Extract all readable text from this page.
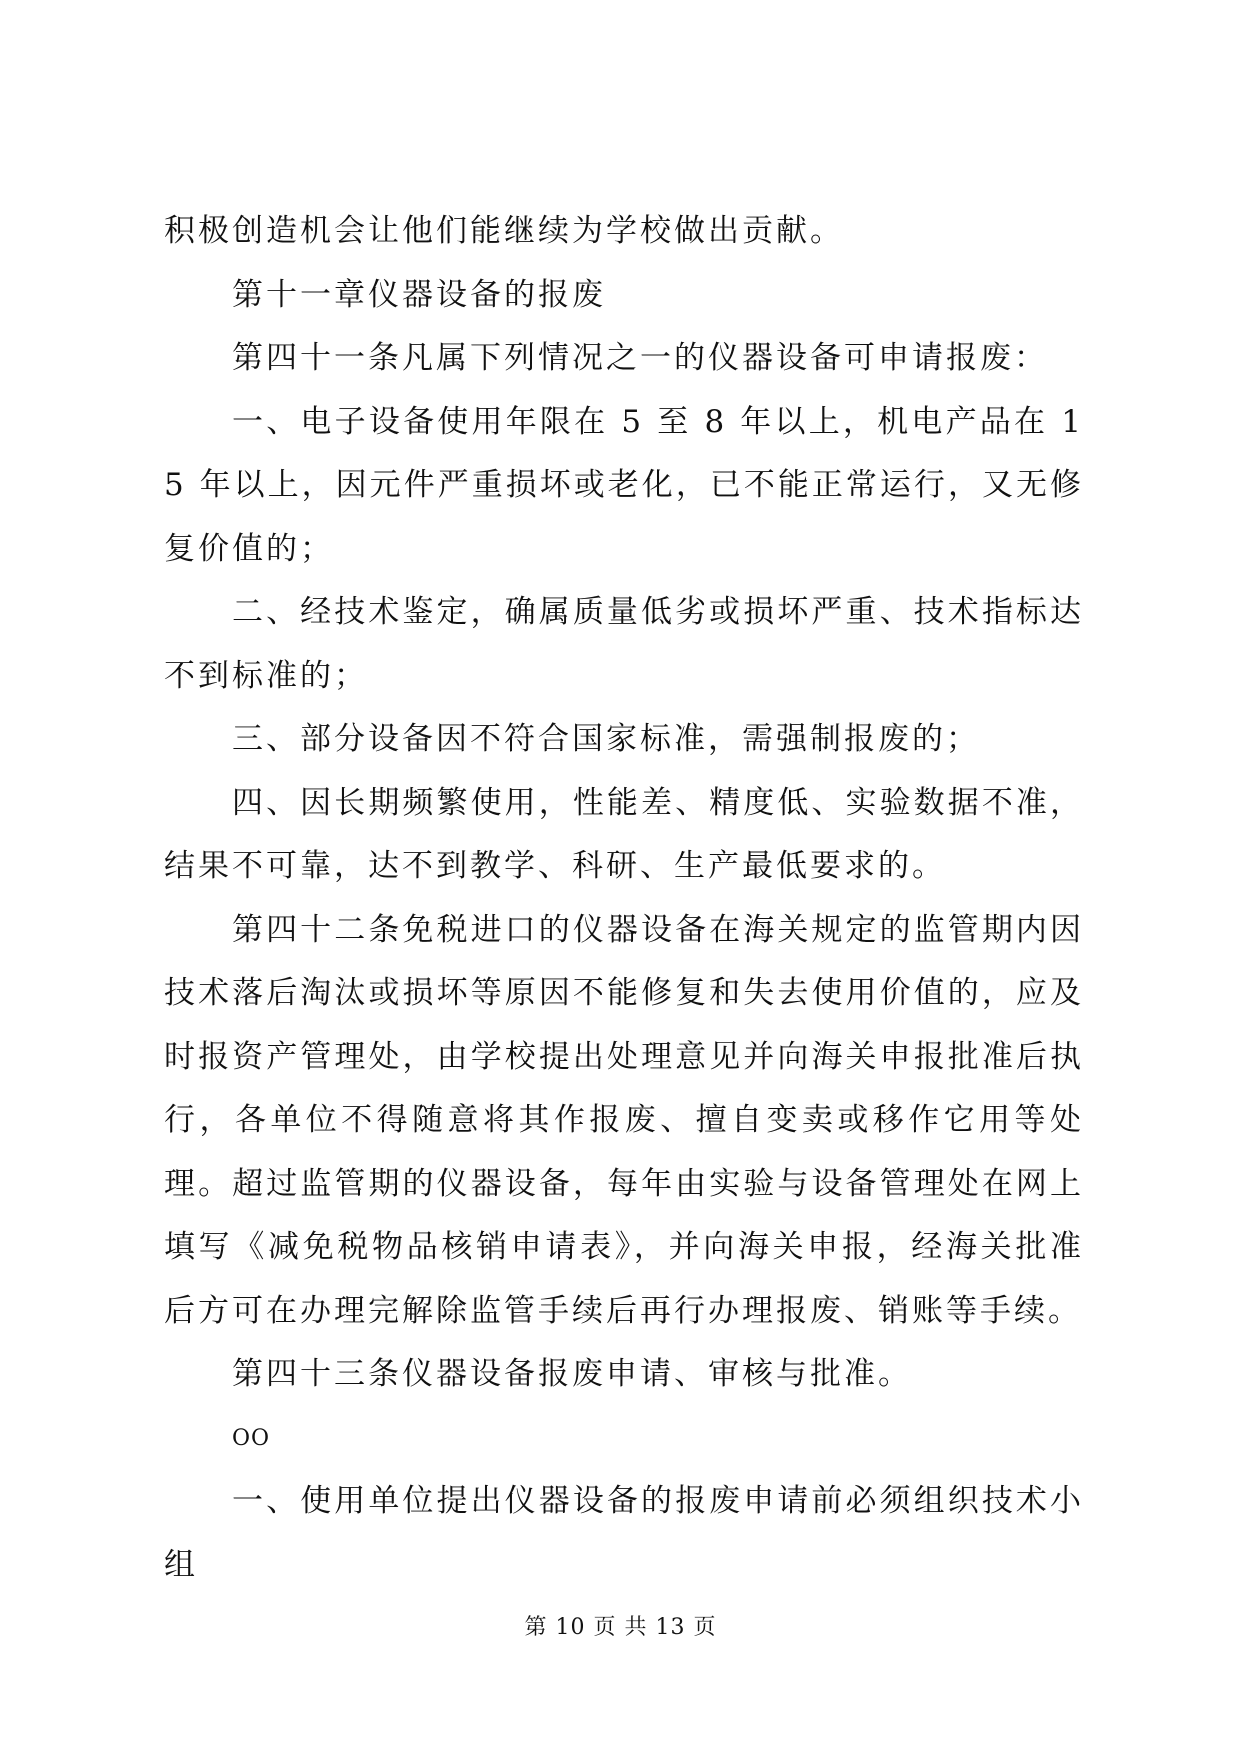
积极创造机会让他们能继续为学校做出贡献。

第十一章仪器设备的报废

第四十一条凡属下列情况之一的仪器设备可申请报废：

一、电子设备使用年限在 5 至 8 年以上，机电产品在 15 年以上，因元件严重损坏或老化，已不能正常运行，又无修复价值的；

二、经技术鉴定，确属质量低劣或损坏严重、技术指标达不到标准的；

三、部分设备因不符合国家标准，需强制报废的；

四、因长期频繁使用，性能差、精度低、实验数据不准，结果不可靠，达不到教学、科研、生产最低要求的。

第四十二条免税进口的仪器设备在海关规定的监管期内因技术落后淘汰或损坏等原因不能修复和失去使用价值的，应及时报资产管理处，由学校提出处理意见并向海关申报批准后执行，各单位不得随意将其作报废、擅自变卖或移作它用等处理。超过监管期的仪器设备，每年由实验与设备管理处在网上填写《减免税物品核销申请表》，并向海关申报，经海关批准后方可在办理完解除监管手续后再行办理报废、销账等手续。

第四十三条仪器设备报废申请、审核与批准。

OO

一、使用单位提出仪器设备的报废申请前必须组织技术小组

第 10 页 共 13 页
